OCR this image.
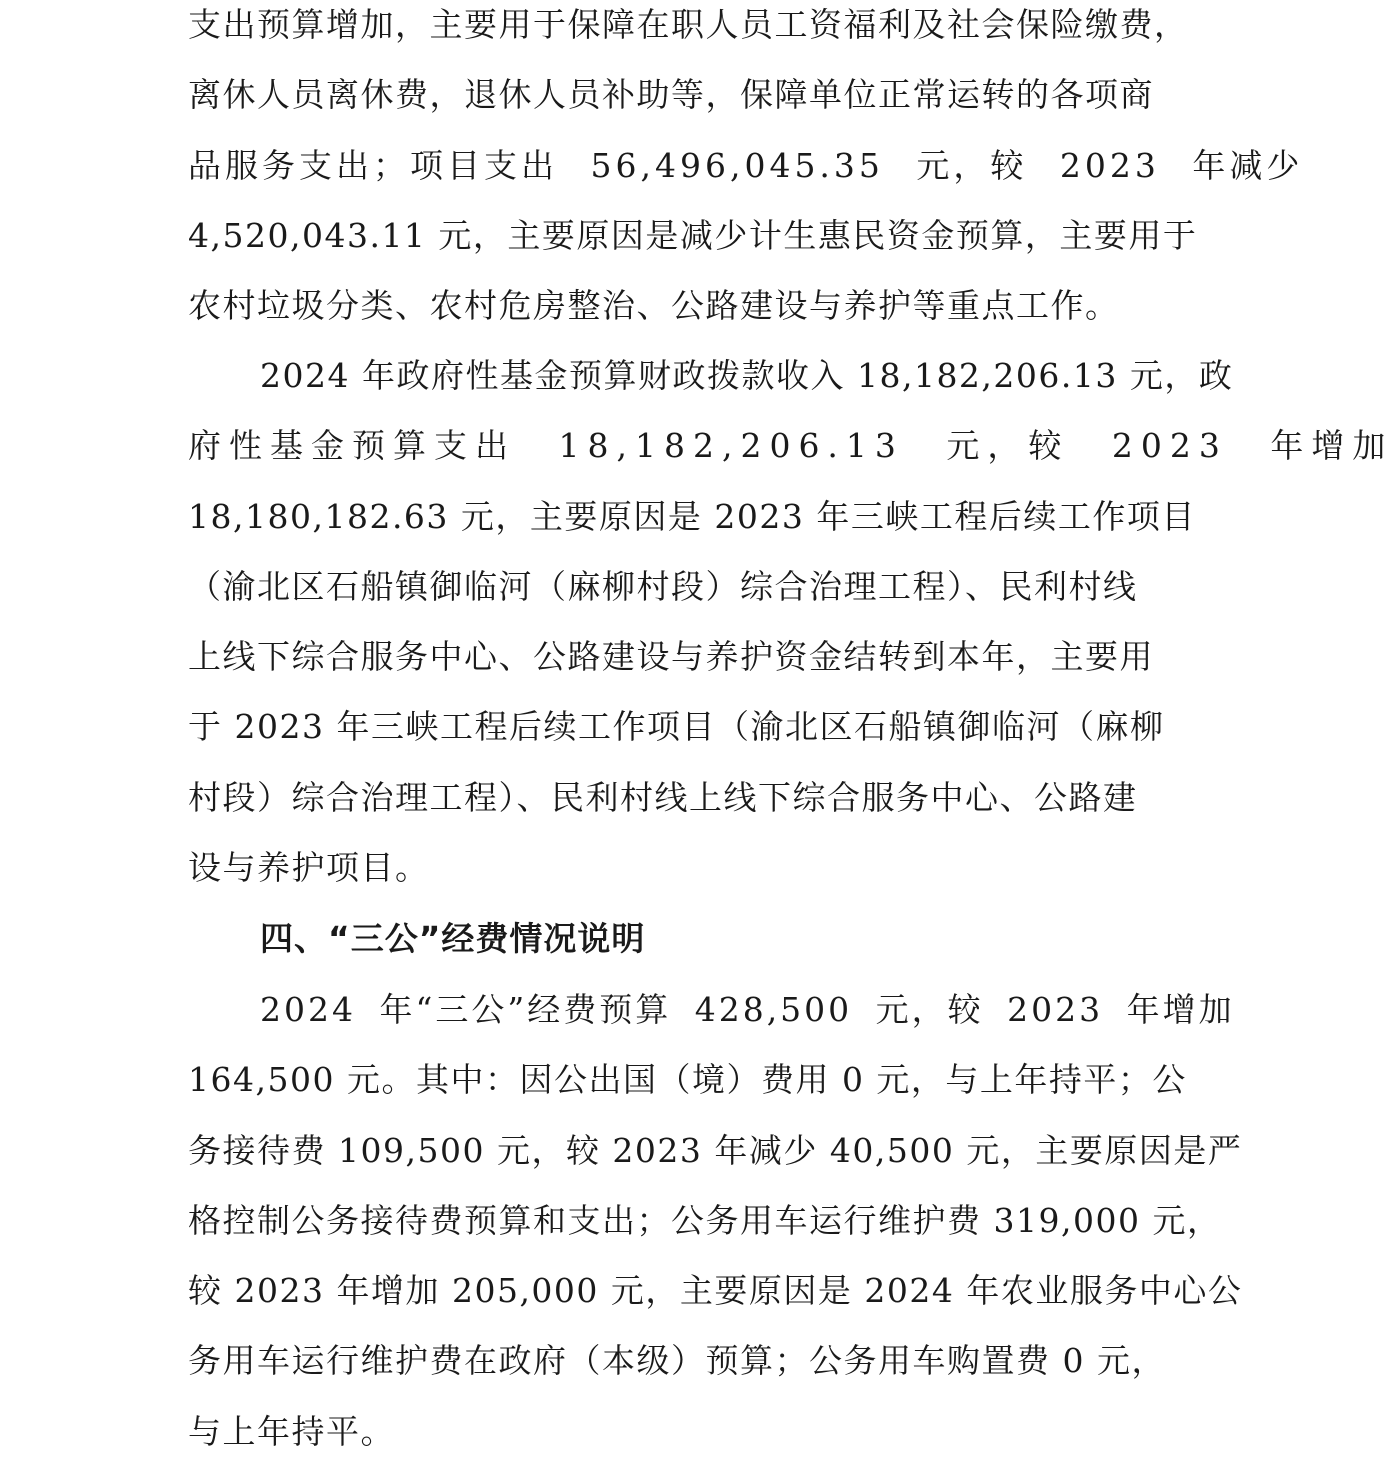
支出预算增加，主要用于保障在职人员工资福利及社会保险缴费，
离休人员离休费，退休人员补助等，保障单位正常运转的各项商
品服务支出；项目支出 56,496,045.35 元，较 2023 年减少
4,520,043.11 元，主要原因是减少计生惠民资金预算，主要用于
农村垃圾分类、农村危房整治、公路建设与养护等重点工作。
2024 年政府性基金预算财政拨款收入 18,182,206.13 元，政
府性基金预算支出 18,182,206.13 元，较 2023 年增加
18,180,182.63 元，主要原因是 2023 年三峡工程后续工作项目
（渝北区石船镇御临河（麻柳村段）综合治理工程）、民利村线
上线下综合服务中心、公路建设与养护资金结转到本年，主要用
于 2023 年三峡工程后续工作项目（渝北区石船镇御临河（麻柳
村段）综合治理工程）、民利村线上线下综合服务中心、公路建
设与养护项目。
四、“三公”经费情况说明
2024 年“三公”经费预算 428,500 元，较 2023 年增加
164,500 元。其中：因公出国（境）费用 0 元，与上年持平；公
务接待费 109,500 元，较 2023 年减少 40,500 元，主要原因是严
格控制公务接待费预算和支出；公务用车运行维护费 319,000 元，
较 2023 年增加 205,000 元，主要原因是 2024 年农业服务中心公
务用车运行维护费在政府（本级）预算；公务用车购置费 0 元，
与上年持平。
